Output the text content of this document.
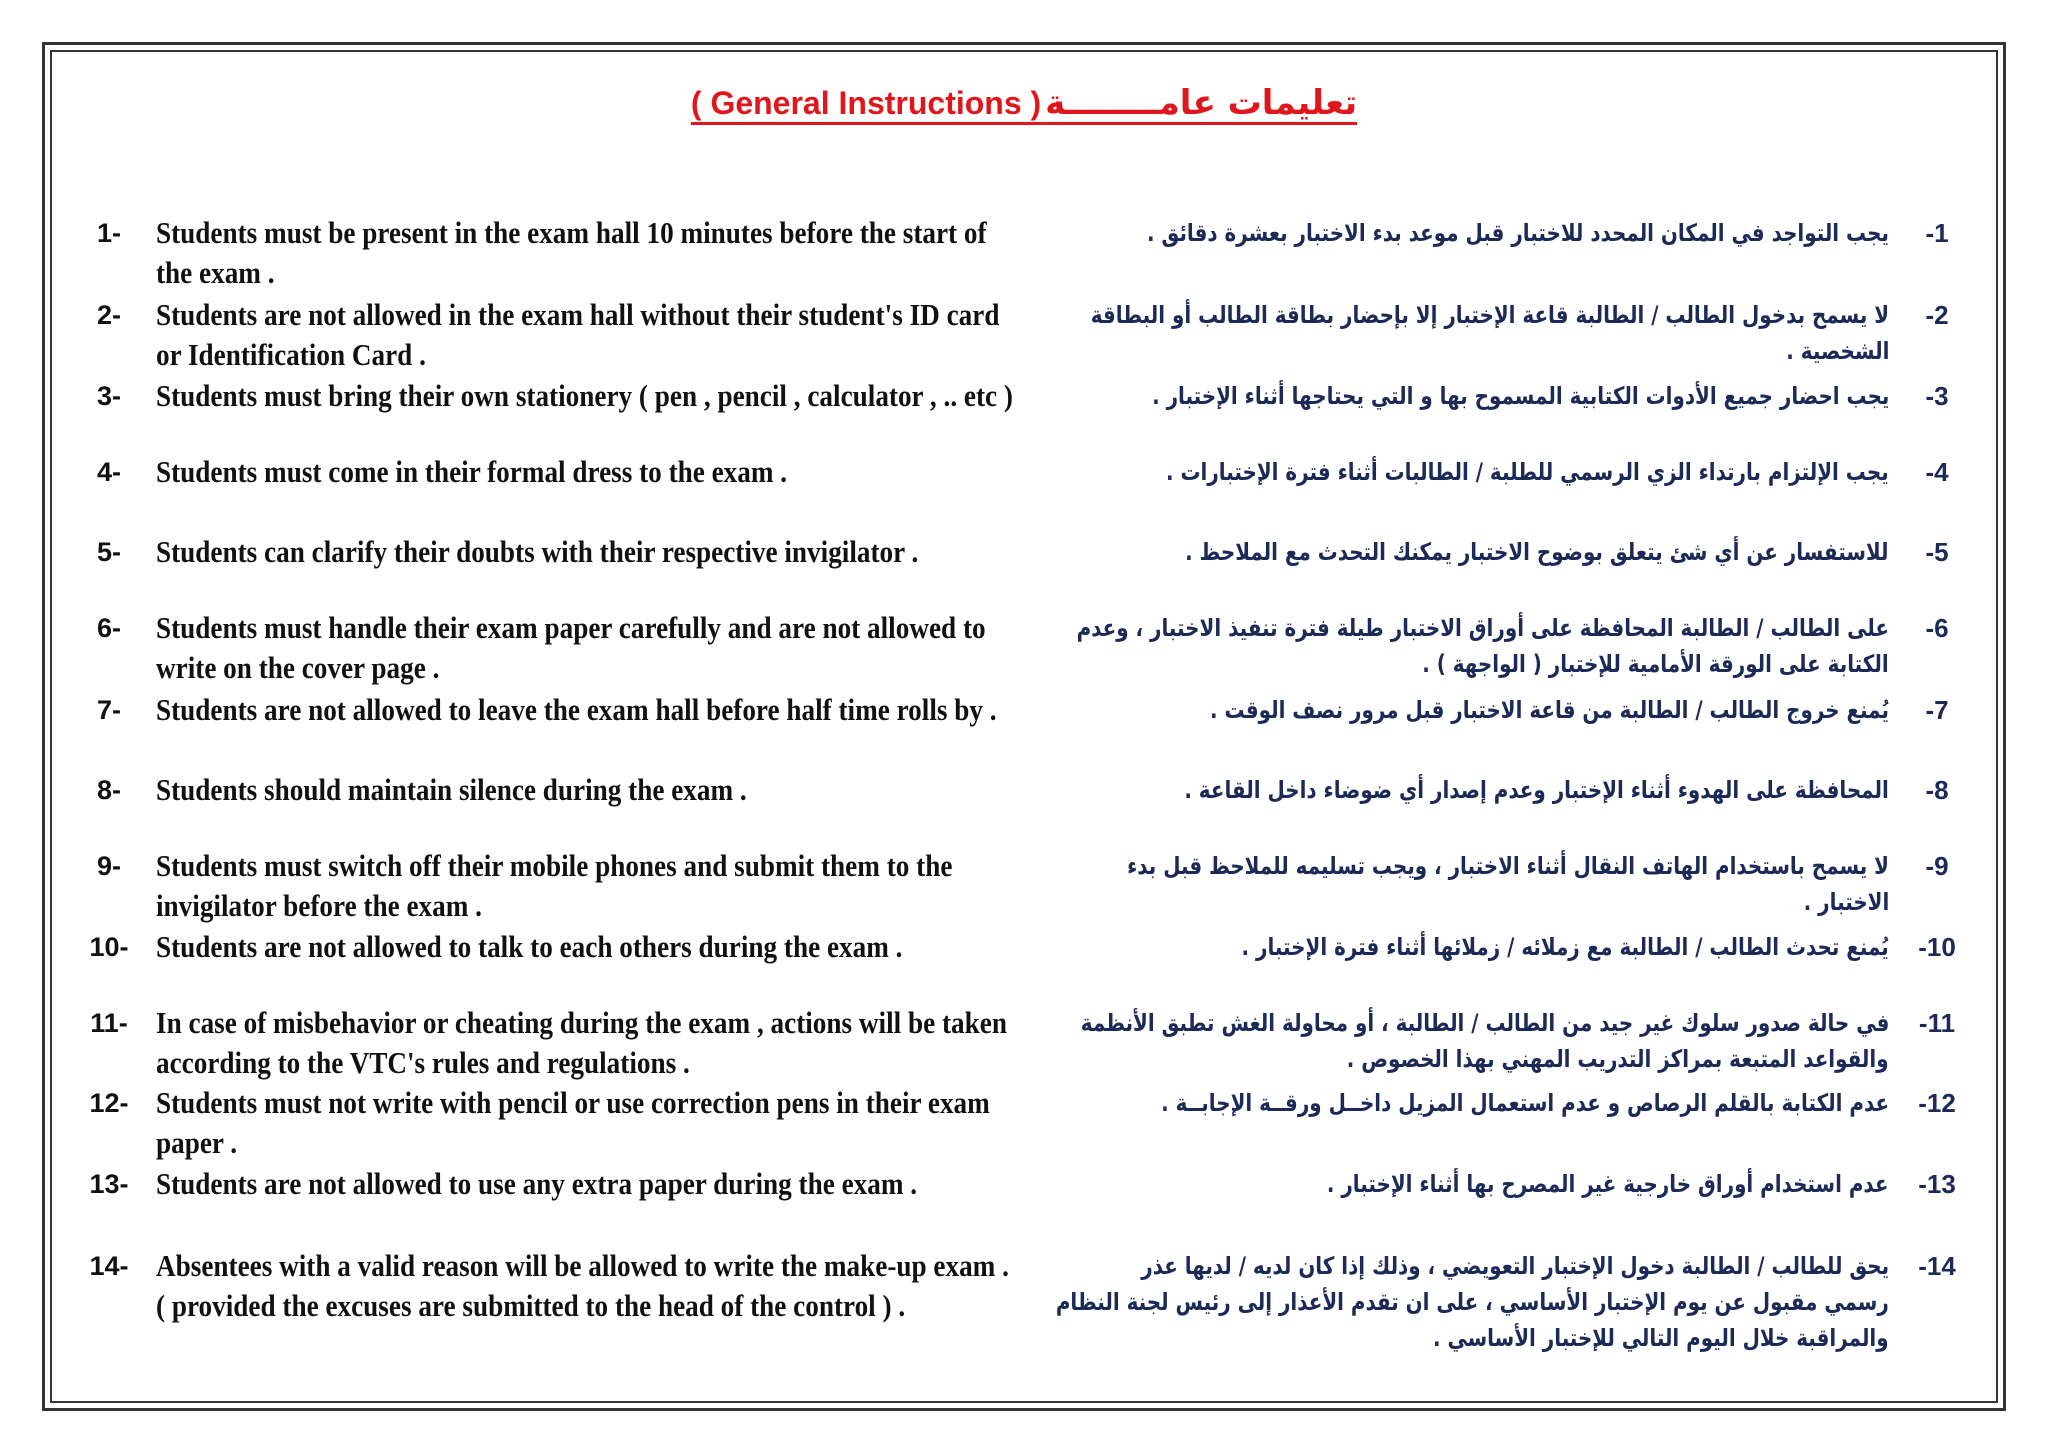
( General Instructions ) تعليمات عامــــــــة
1-	Students must be present in the exam hall 10 minutes before the start of
the exam .
يجب التواجد في المكان المحدد للاختبار قبل موعد بدء الاختبار بعشرة دقائق .	-1
2-	Students are not allowed in the exam hall without their student's ID card
or Identification Card .
لا يسمح بدخول الطالب / الطالبة قاعة الإختبار إلا بإحضار بطاقة الطالب أو البطاقة
الشخصية .
-2
3-	Students must bring their own stationery ( pen , pencil , calculator , .. etc )	يجب احضار جميع الأدوات الكتابية المسموح بها و التي يحتاجها أثناء الإختبار .	-3
4-	Students must come in their formal dress to the exam .	يجب الإلتزام بارتداء الزي الرسمي للطلبة / الطالبات أثناء فترة الإختبارات .	-4
5-	Students can clarify their doubts with their respective invigilator .	للاستفسار عن أي شئ يتعلق بوضوح الاختبار يمكنك التحدث مع الملاحظ .	-5
6-	Students must handle their exam paper carefully and are not allowed to
write on the cover page .
على الطالب / الطالبة المحافظة على أوراق الاختبار طيلة فترة تنفيذ الاختبار ، وعدم
الكتابة على الورقة الأمامية للإختبار ( الواجهة ) .
-6
7-	Students are not allowed to leave the exam hall before half time rolls by .	يُمنع خروج الطالب / الطالبة من قاعة الاختبار قبل مرور نصف الوقت .	-7
8-	Students should maintain silence during the exam .	المحافظة على الهدوء أثناء الإختبار وعدم إصدار أي ضوضاء داخل القاعة .	-8
9-	Students must switch off their mobile phones and submit them to the
invigilator before the exam .
لا يسمح باستخدام الهاتف النقال أثناء الاختبار ، ويجب تسليمه للملاحظ قبل بدء
الاختبار .
-9
10- Students are not allowed to talk to each others during the exam .	يُمنع تحدث الطالب / الطالبة مع زملائه / زملائها أثناء فترة الإختبار .	-10
11- In case of misbehavior or cheating during the exam , actions will be taken
according to the VTC's rules and regulations .
في حالة صدور سلوك غير جيد من الطالب / الطالبة ، أو محاولة الغش تطبق الأنظمة
والقواعد المتبعة بمراكز التدريب المهني بهذا الخصوص .
-11
12- Students must not write with pencil or use correction pens in their exam
paper .
عدم الكتابة بالقلم الرصاص و عدم استعمال المزيل داخــل ورقــة الإجابــة .	-12
13- Students are not allowed to use any extra paper during the exam .	عدم استخدام أوراق خارجية غير المصرح بها أثناء الإختبار .	-13
14- Absentees with a valid reason will be allowed to write the make-up exam .
( provided the excuses are submitted to the head of the control ) .
يحق للطالب / الطالبة دخول الإختبار التعويضي ، وذلك إذا كان لديه / لديها عذر
رسمي مقبول عن يوم الإختبار الأساسي ، على ان تقدم الأعذار إلى رئيس لجنة النظام
والمراقبة خلال اليوم التالي للإختبار الأساسي .
-14
